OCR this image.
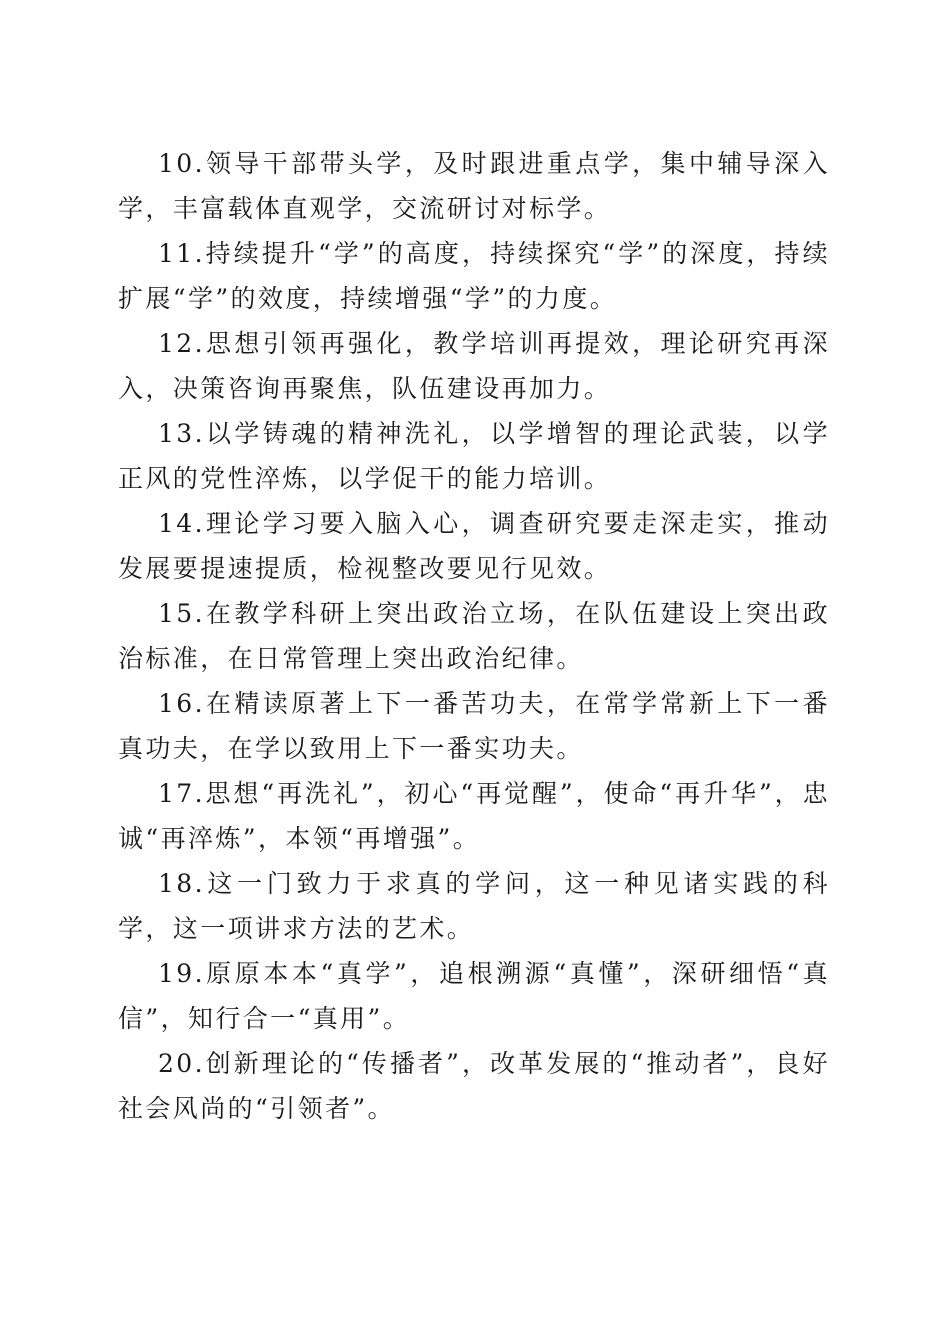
10.领导干部带头学，及时跟进重点学，集中辅导深入学，丰富载体直观学，交流研讨对标学。

11.持续提升“学”的高度，持续探究“学”的深度，持续扩展“学”的效度，持续增强“学”的力度。

12.思想引领再强化，教学培训再提效，理论研究再深入，决策咨询再聚焦，队伍建设再加力。

13.以学铸魂的精神洗礼，以学增智的理论武装，以学正风的党性淬炼，以学促干的能力培训。

14.理论学习要入脑入心，调查研究要走深走实，推动发展要提速提质，检视整改要见行见效。

15.在教学科研上突出政治立场，在队伍建设上突出政治标准，在日常管理上突出政治纪律。

16.在精读原著上下一番苦功夫，在常学常新上下一番真功夫，在学以致用上下一番实功夫。

17.思想“再洗礼”，初心“再觉醒”，使命“再升华”，忠诚“再淬炼”，本领“再增强”。

18.这一门致力于求真的学问，这一种见诸实践的科学，这一项讲求方法的艺术。

19.原原本本“真学”，追根溯源“真懂”，深研细悟“真信”，知行合一“真用”。

20.创新理论的“传播者”，改革发展的“推动者”，良好社会风尚的“引领者”。
